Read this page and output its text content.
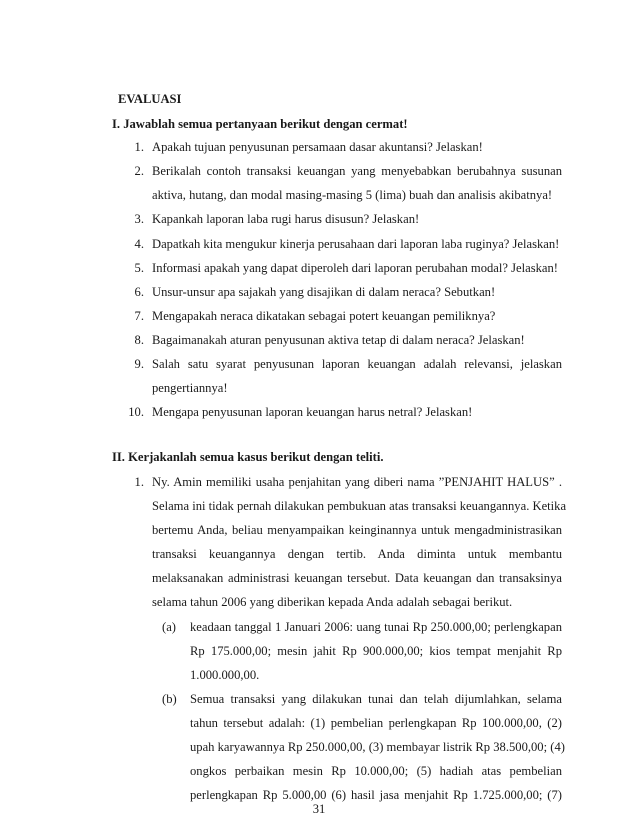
EVALUASI
I. Jawablah semua pertanyaan berikut dengan cermat!
1. Apakah tujuan penyusunan persamaan dasar akuntansi? Jelaskan!
2. Berikalah contoh transaksi keuangan yang menyebabkan berubahnya susunan
aktiva, hutang, dan modal masing-masing 5 (lima) buah dan analisis akibatnya!
3. Kapankah laporan laba rugi harus disusun? Jelaskan!
4. Dapatkah kita mengukur kinerja perusahaan dari laporan laba ruginya? Jelaskan!
5. Informasi apakah yang dapat diperoleh dari laporan perubahan modal? Jelaskan!
6. Unsur-unsur apa sajakah yang disajikan di dalam neraca? Sebutkan!
7. Mengapakah neraca dikatakan sebagai potert keuangan pemiliknya?
8. Bagaimanakah aturan penyusunan aktiva tetap di dalam neraca? Jelaskan!
9. Salah satu syarat penyusunan laporan keuangan adalah relevansi, jelaskan
pengertiannya!
10. Mengapa penyusunan laporan keuangan harus netral? Jelaskan!
II. Kerjakanlah semua kasus berikut dengan teliti.
1. Ny. Amin memiliki usaha penjahitan yang diberi nama ”PENJAHIT HALUS” .
Selama ini tidak pernah dilakukan pembukuan atas transaksi keuangannya. Ketika
bertemu Anda, beliau menyampaikan keinginannya untuk mengadministrasikan
transaksi keuangannya dengan tertib. Anda diminta untuk membantu
melaksanakan administrasi keuangan tersebut. Data keuangan dan transaksinya
selama tahun 2006 yang diberikan kepada Anda adalah sebagai berikut.
(a) keadaan tanggal 1 Januari 2006: uang tunai Rp 250.000,00; perlengkapan
Rp 175.000,00; mesin jahit Rp 900.000,00; kios tempat menjahit Rp
1.000.000,00.
(b) Semua transaksi yang dilakukan tunai dan telah dijumlahkan, selama
tahun tersebut adalah: (1) pembelian perlengkapan Rp 100.000,00, (2)
upah karyawannya Rp 250.000,00, (3) membayar listrik Rp 38.500,00; (4)
ongkos perbaikan mesin Rp 10.000,00; (5) hadiah atas pembelian
perlengkapan Rp 5.000,00 (6) hasil jasa menjahit Rp 1.725.000,00; (7)
31
